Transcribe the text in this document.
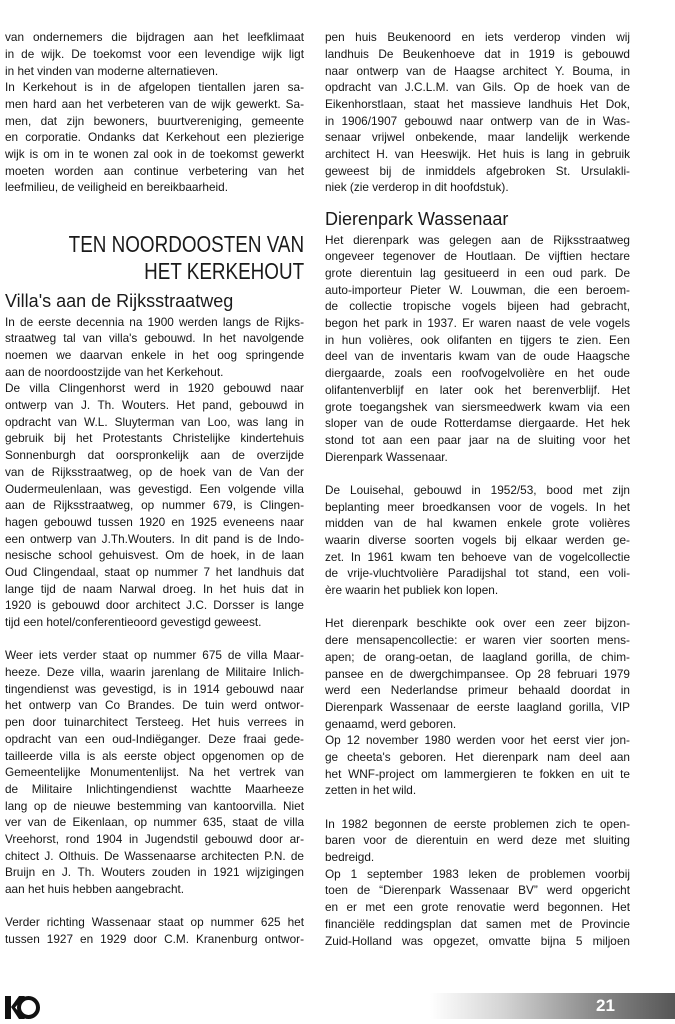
van ondernemers die bijdragen aan het leefklimaat
in de wijk. De toekomst voor een levendige wijk ligt
in het vinden van moderne alternatieven.
In Kerkehout is in de afgelopen tientallen jaren sa-
men hard aan het verbeteren van de wijk gewerkt. Sa-
men, dat zijn bewoners, buurtvereniging, gemeente
en corporatie. Ondanks dat Kerkehout een plezierige
wijk is om in te wonen zal ook in de toekomst gewerkt
moeten worden aan continue verbetering van het
leefmilieu, de veiligheid en bereikbaarheid.
TEN NOORDOOSTEN VAN
HET KERKEHOUT
Villa's aan de Rijksstraatweg
In de eerste decennia na 1900 werden langs de Rijks-
straatweg tal van villa's gebouwd. In het navolgende
noemen we daarvan enkele in het oog springende
aan de noordoostzijde van het Kerkehout.
De villa Clingenhorst werd in 1920 gebouwd naar
ontwerp van J. Th. Wouters. Het pand, gebouwd in
opdracht van W.L. Sluyterman van Loo, was lang in
gebruik bij het Protestants Christelijke kindertehuis
Sonnenburgh dat oorspronkelijk aan de overzijde
van de Rijksstraatweg, op de hoek van de Van der
Oudermeulenlaan, was gevestigd. Een volgende villa
aan de Rijksstraatweg, op nummer 679, is Clingen-
hagen gebouwd tussen 1920 en 1925 eveneens naar
een ontwerp van J.Th.Wouters. In dit pand is de Indo-
nesische school gehuisvest. Om de hoek, in de laan
Oud Clingendaal, staat op nummer 7 het landhuis dat
lange tijd de naam Narwal droeg. In het huis dat in
1920 is gebouwd door architect J.C. Dorsser is lange
tijd een hotel/conferentieoord gevestigd geweest.
Weer iets verder staat op nummer 675 de villa Maar-
heeze. Deze villa, waarin jarenlang de Militaire Inlich-
tingendienst was gevestigd, is in 1914 gebouwd naar
het ontwerp van Co Brandes. De tuin werd ontwor-
pen door tuinarchitect Tersteeg. Het huis verrees in
opdracht van een oud-Indiëganger. Deze fraai gede-
tailleerde villa is als eerste object opgenomen op de
Gemeentelijke Monumentenlijst. Na het vertrek van
de Militaire Inlichtingendienst wachtte Maarheeze
lang op de nieuwe bestemming van kantoorvilla. Niet
ver van de Eikenlaan, op nummer 635, staat de villa
Vreehorst, rond 1904 in Jugendstil gebouwd door ar-
chitect J. Olthuis. De Wassenaarse architecten P.N. de
Bruijn en J. Th. Wouters zouden in 1921 wijzigingen
aan het huis hebben aangebracht.
Verder richting Wassenaar staat op nummer 625 het
tussen 1927 en 1929 door C.M. Kranenburg ontwor-
pen huis Beukenoord en iets verderop vinden wij
landhuis De Beukenhoeve dat in 1919 is gebouwd
naar ontwerp van de Haagse architect Y. Bouma, in
opdracht van J.C.L.M. van Gils. Op de hoek van de
Eikenhorstlaan, staat het massieve landhuis Het Dok,
in 1906/1907 gebouwd naar ontwerp van de in Was-
senaar vrijwel onbekende, maar landelijk werkende
architect H. van Heeswijk. Het huis is lang in gebruik
geweest bij de inmiddels afgebroken St. Ursulakli-
niek (zie verderop in dit hoofdstuk).
Dierenpark Wassenaar
Het dierenpark was gelegen aan de Rijksstraatweg
ongeveer tegenover de Houtlaan. De vijftien hectare
grote dierentuin lag gesitueerd in een oud park. De
auto-importeur Pieter W. Louwman, die een beroem-
de collectie tropische vogels bijeen had gebracht,
begon het park in 1937. Er waren naast de vele vogels
in hun volières, ook olifanten en tijgers te zien. Een
deel van de inventaris kwam van de oude Haagsche
diergaarde, zoals een roofvogelvolière en het oude
olifantenverblijf en later ook het berenverblijf. Het
grote toegangshek van siersmeedwerk kwam via een
sloper van de oude Rotterdamse diergaarde. Het hek
stond tot aan een paar jaar na de sluiting voor het
Dierenpark Wassenaar.
De Louisehal, gebouwd in 1952/53, bood met zijn
beplanting meer broedkansen voor de vogels. In het
midden van de hal kwamen enkele grote volières
waarin diverse soorten vogels bij elkaar werden ge-
zet. In 1961 kwam ten behoeve van de vogelcollectie
de vrije-vluchtvolière Paradijshal tot stand, een voli-
ère waarin het publiek kon lopen.
Het dierenpark beschikte ook over een zeer bijzon-
dere mensapencollectie: er waren vier soorten mens-
apen; de orang-oetan, de laagland gorilla, de chim-
pansee en de dwergchimpansee. Op 28 februari 1979
werd een Nederlandse primeur behaald doordat in
Dierenpark Wassenaar de eerste laagland gorilla, VIP
genaamd, werd geboren.
Op 12 november 1980 werden voor het eerst vier jon-
ge cheeta's geboren. Het dierenpark nam deel aan
het WNF-project om lammergieren te fokken en uit te
zetten in het wild.
In 1982 begonnen de eerste problemen zich te open-
baren voor de dierentuin en werd deze met sluiting
bedreigd.
Op 1 september 1983 leken de problemen voorbij
toen de “Dierenpark Wassenaar BV” werd opgericht
en er met een grote renovatie werd begonnen. Het
financiële reddingsplan dat samen met de Provincie
Zuid-Holland was opgezet, omvatte bijna 5 miljoen
21
